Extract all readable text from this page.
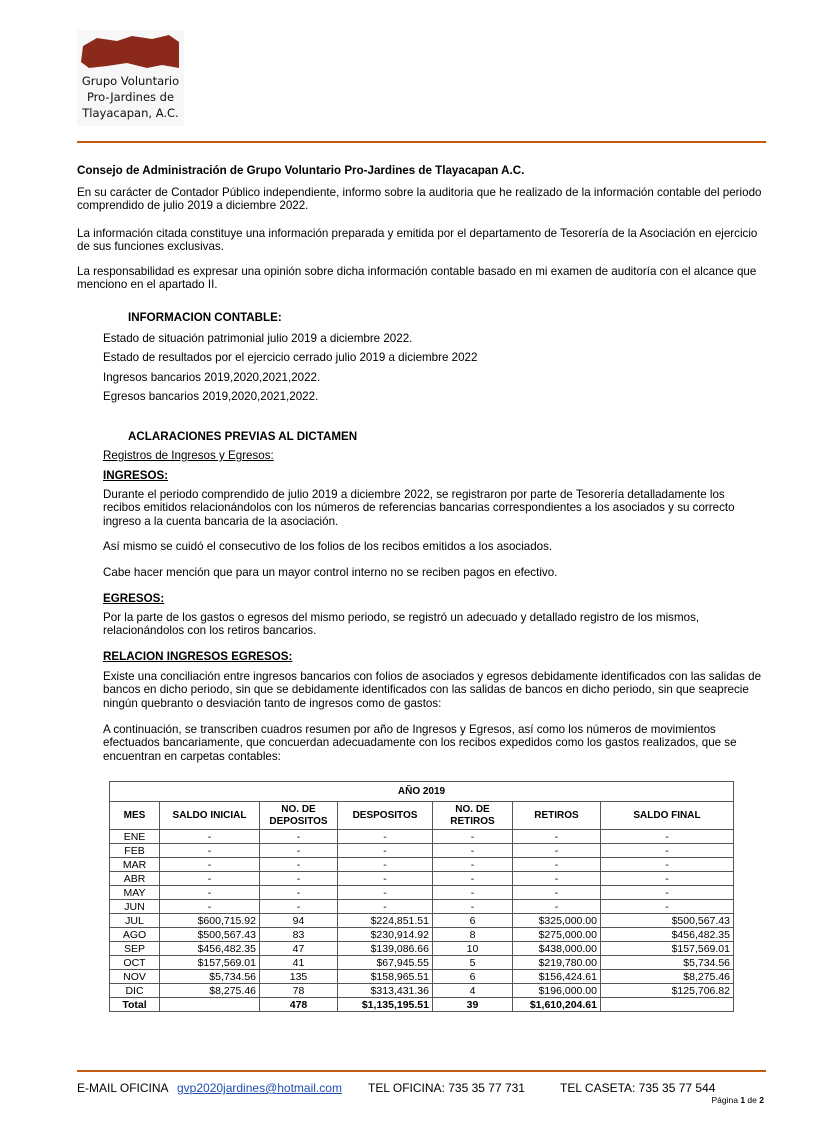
Grupo Voluntario
Pro-Jardines de
Tlayacapan, A.C.

Consejo de Administración de Grupo Voluntario Pro-Jardines de Tlayacapan A.C.

En su carácter de Contador Público independiente, informo sobre la auditoria que he realizado de la información contable del periodo comprendido de julio 2019 a diciembre 2022.

La información citada constituye una información preparada y emitida por el departamento de Tesorería de la Asociación en ejercicio de sus funciones exclusivas.

La responsabilidad es expresar una opinión sobre dicha información contable basado en mi examen de auditoría con el alcance que menciono en el apartado II.

INFORMACION CONTABLE:
Estado de situación patrimonial julio 2019 a diciembre 2022.
Estado de resultados por el ejercicio cerrado julio 2019 a diciembre 2022
Ingresos bancarios 2019,2020,2021,2022.
Egresos bancarios 2019,2020,2021,2022.
ACLARACIONES PREVIAS AL DICTAMEN
Registros de Ingresos y Egresos:
INGRESOS:
Durante el periodo comprendido de julio 2019 a diciembre 2022, se registraron por parte de Tesorería detalladamente los recibos emitidos relacionándolos con los números de referencias bancarias correspondientes a los asociados y su correcto ingreso a la cuenta bancaria de la asociación.
Así mismo se cuidó el consecutivo de los folios de los recibos emitidos a los asociados.
Cabe hacer mención que para un mayor control interno no se reciben pagos en efectivo.
EGRESOS:
Por la parte de los gastos o egresos del mismo periodo, se registró un adecuado y detallado registro de los mismos, relacionándolos con los retiros bancarios.
RELACION INGRESOS EGRESOS:
Existe una conciliación entre ingresos bancarios con folios de asociados y egresos debidamente identificados con las salidas de bancos en dicho periodo, sin que se debidamente identificados con las salidas de bancos en dicho periodo, sin que seaprecie ningún quebranto o desviación tanto de ingresos como de gastos:
A continuación, se transcriben cuadros resumen por año de Ingresos y Egresos, así como los números de movimientos efectuados bancariamente, que concuerdan adecuadamente con los recibos expedidos como los gastos realizados, que se encuentran en carpetas contables:
AÑO 2019						
MES	SALDO INICIAL	NO. DE DEPOSITOS	DESPOSITOS	NO. DE RETIROS	RETIROS	SALDO FINAL
ENE	-	-	-	-	-	-
FEB	-	-	-	-	-	-
MAR	-	-	-	-	-	-
ABR	-	-	-	-	-	-
MAY	-	-	-	-	-	-
JUN	-	-	-	-	-	-
JUL	$600,715.92	94	$224,851.51	6	$325,000.00	$500,567.43
AGO	$500,567.43	83	$230,914.92	8	$275,000.00	$456,482.35
SEP	$456,482.35	47	$139,086.66	10	$438,000.00	$157,569.01
OCT	$157,569.01	41	$67,945.55	5	$219,780.00	$5,734.56
NOV	$5,734.56	135	$158,965.51	6	$156,424.61	$8,275.46
DIC	$8,275.46	78	$313,431.36	4	$196,000.00	$125,706.82
Total		478	$1,135,195.51	39	$1,610,204.61	
E-MAIL OFICINA gvp2020jardines@hotmail.com TEL OFICINA: 735 35 77 731	TEL CASETA: 735 35 77 544
Página 1 de 2
